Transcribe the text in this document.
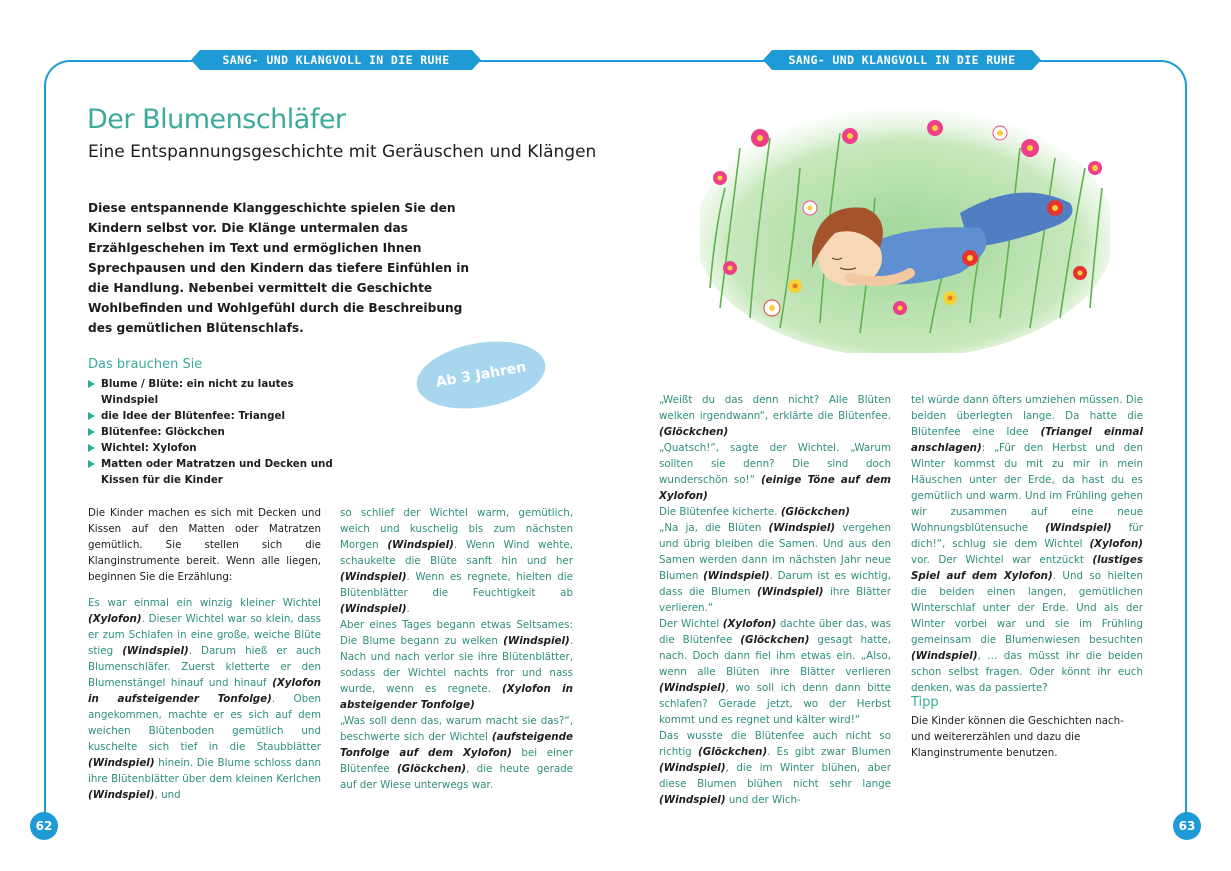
SANG- UND KLANGVOLL IN DIE RUHE	SANG- UND KLANGVOLL IN DIE RUHE
Der Blumenschläfer
Eine Entspannungsgeschichte mit Geräuschen und Klängen
Diese entspannende Klanggeschichte spielen Sie den Kindern selbst vor. Die Klänge untermalen das Erzählgeschehen im Text und ermöglichen Ihnen Sprechpausen und den Kindern das tiefere Einfühlen in die Handlung. Nebenbei vermittelt die Geschichte Wohlbefinden und Wohlgefühl durch die Beschreibung des gemütlichen Blütenschlafs.
Das brauchen Sie
Blume / Blüte: ein nicht zu lautes Windspiel
die Idee der Blütenfee: Triangel
Blütenfee: Glöckchen
Wichtel: Xylofon
Matten oder Matratzen und Decken und Kissen für die Kinder
Ab 3 Jahren

Die Kinder machen es sich mit Decken und Kissen auf den Matten oder Matratzen gemütlich. Sie stellen sich die Klanginstrumente bereit. Wenn alle liegen, beginnen Sie die Erzählung:

Es war einmal ein winzig kleiner Wichtel (Xylofon). Dieser Wichtel war so klein, dass er zum Schlafen in eine große, weiche Blüte stieg (Windspiel). Darum hieß er auch Blumenschläfer. Zuerst kletterte er den Blumenstängel hinauf und hinauf (Xylofon in aufsteigender Tonfolge). Oben angekommen, machte er es sich auf dem weichen Blütenboden gemütlich und kuschelte sich tief in die Staubblätter (Windspiel) hinein. Die Blume schloss dann ihre Blütenblätter über dem kleinen Kerlchen (Windspiel), und

so schlief der Wichtel warm, gemütlich, weich und kuschelig bis zum nächsten Morgen (Windspiel). Wenn Wind wehte, schaukelte die Blüte sanft hin und her (Windspiel). Wenn es regnete, hielten die Blütenblätter die Feuchtigkeit ab (Windspiel).

Aber eines Tages begann etwas Seltsames: Die Blume begann zu welken (Windspiel). Nach und nach verlor sie ihre Blütenblätter, sodass der Wichtel nachts fror und nass wurde, wenn es regnete. (Xylofon in absteigender Tonfolge)

„Was soll denn das, warum macht sie das?“, beschwerte sich der Wichtel (aufsteigende Tonfolge auf dem Xylofon) bei einer Blütenfee (Glöckchen), die heute gerade auf der Wiese unterwegs war.

„Weißt du das denn nicht? Alle Blüten welken irgendwann“, erklärte die Blütenfee. (Glöckchen)

„Quatsch!“, sagte der Wichtel. „Warum sollten sie denn? Die sind doch wunderschön so!“ (einige Töne auf dem Xylofon)

Die Blütenfee kicherte. (Glöckchen)

„Na ja, die Blüten (Windspiel) vergehen und übrig bleiben die Samen. Und aus den Samen werden dann im nächsten Jahr neue Blumen (Windspiel). Darum ist es wichtig, dass die Blumen (Windspiel) ihre Blätter verlieren.“

Der Wichtel (Xylofon) dachte über das, was die Blütenfee (Glöckchen) gesagt hatte, nach. Doch dann fiel ihm etwas ein. „Also, wenn alle Blüten ihre Blätter verlieren (Windspiel), wo soll ich denn dann bitte schlafen? Gerade jetzt, wo der Herbst kommt und es regnet und kälter wird!“

Das wusste die Blütenfee auch nicht so richtig (Glöckchen). Es gibt zwar Blumen (Windspiel), die im Winter blühen, aber diese Blumen blühen nicht sehr lange (Windspiel) und der Wich-

tel würde dann öfters umziehen müssen. Die beiden überlegten lange. Da hatte die Blütenfee eine Idee (Triangel einmal anschlagen): „Für den Herbst und den Winter kommst du mit zu mir in mein Häuschen unter der Erde, da hast du es gemütlich und warm. Und im Frühling gehen wir zusammen auf eine neue Wohnungsblütensuche (Windspiel) für dich!“, schlug sie dem Wichtel (Xylofon) vor. Der Wichtel war entzückt (lustiges Spiel auf dem Xylofon). Und so hielten die beiden einen langen, gemütlichen Winterschlaf unter der Erde. Und als der Winter vorbei war und sie im Frühling gemeinsam die Blumenwiesen besuchten (Windspiel), … das müsst ihr die beiden schon selbst fragen. Oder könnt ihr euch denken, was da passierte?

Tipp
Die Kinder können die Geschichten nach- und weitererzählen und dazu die Klanginstrumente benutzen.
62	63
